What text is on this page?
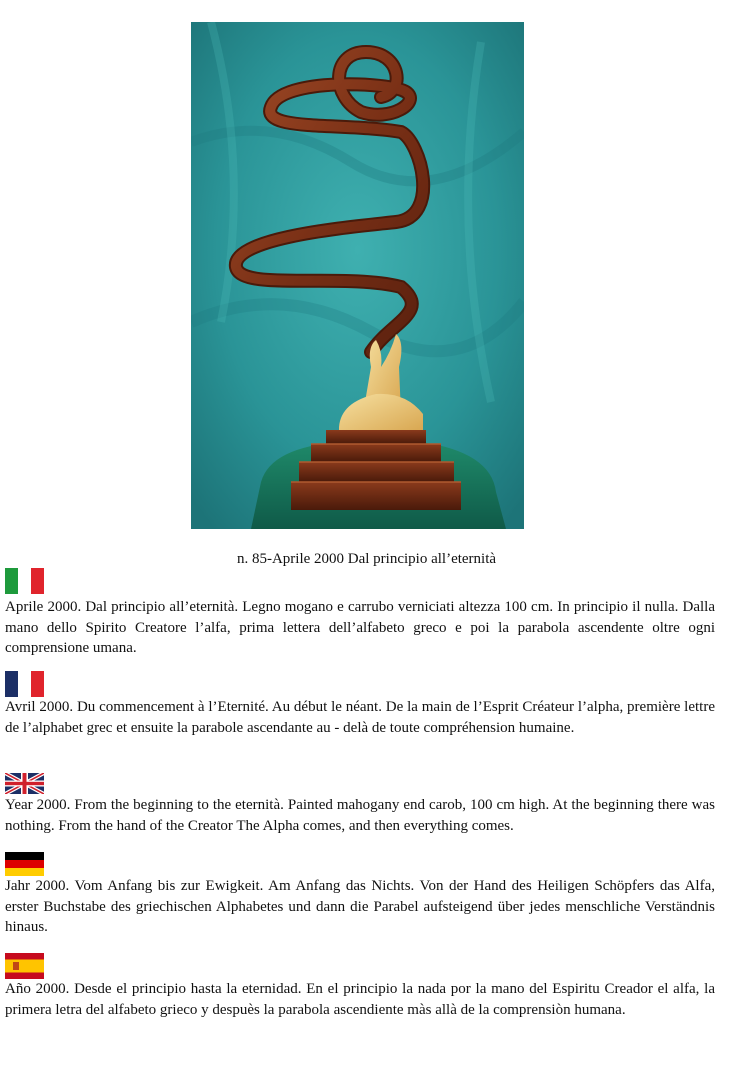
n. 85-Aprile 2000 Dal principio all’eternità

Aprile 2000. Dal principio all’eternità. Legno mogano e carrubo verniciati altezza 100 cm. In principio il nulla. Dalla mano dello Spirito Creatore l’alfa, prima lettera dell’alfabeto greco e poi la parabola ascendente oltre ogni comprensione umana.

Avril 2000. Du commencement à l’Eternité. Au début le néant. De la main de l’Esprit Créateur l’alpha, première lettre de l’alphabet grec et ensuite la parabole ascendante au - delà de toute compréhension humaine.

Year 2000. From the beginning to the eternità. Painted mahogany end carob, 100 cm high. At the beginning there was nothing. From the hand of the Creator The Alpha comes, and then everything comes.

Jahr 2000. Vom Anfang bis zur Ewigkeit. Am Anfang das Nichts. Von der Hand des Heiligen Schöpfers das Alfa, erster Buchstabe des griechischen Alphabetes und dann die Parabel aufsteigend über jedes menschliche Verständnis hinaus.

Año 2000. Desde el principio hasta la eternidad. En el principio la nada por la mano del Espiritu Creador el alfa, la primera letra del alfabeto grieco y despuès la parabola ascendiente màs allà de la comprensiòn humana.
